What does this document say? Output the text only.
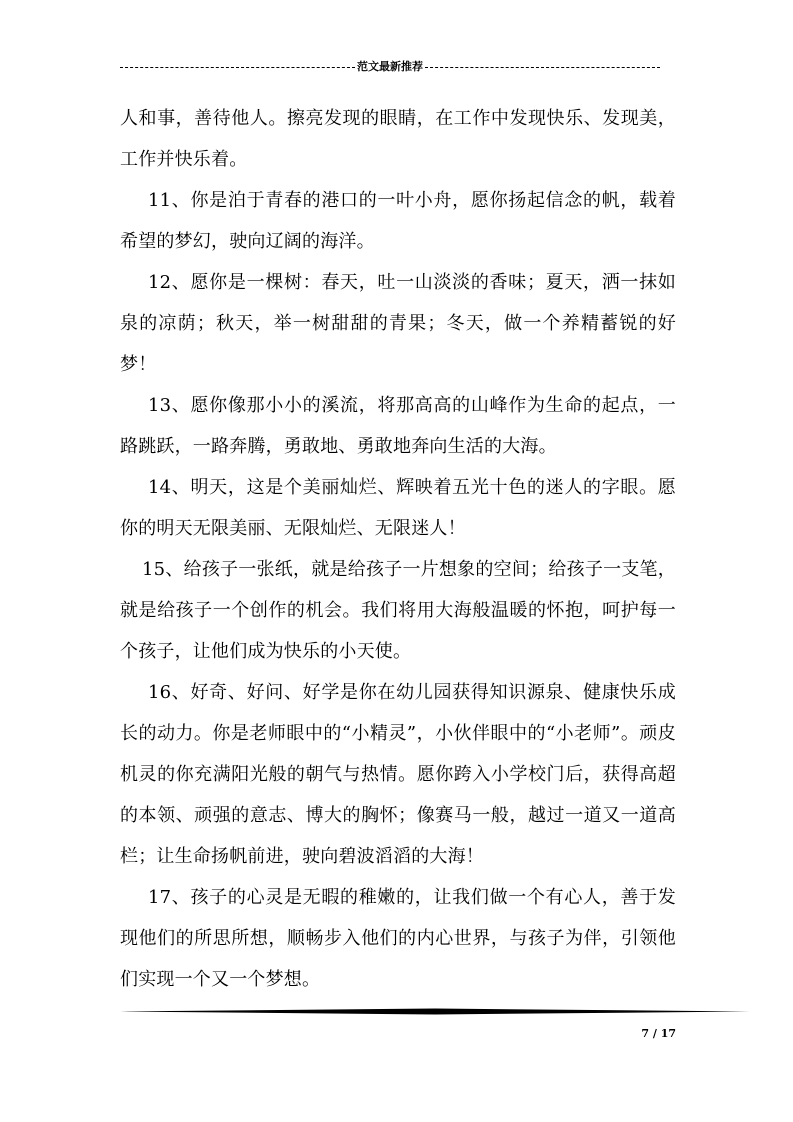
范文最新推荐

人和事，善待他人。擦亮发现的眼睛，在工作中发现快乐、发现美，工作并快乐着。

11、你是泊于青春的港口的一叶小舟，愿你扬起信念的帆，载着希望的梦幻，驶向辽阔的海洋。

12、愿你是一棵树：春天，吐一山淡淡的香味；夏天，洒一抹如泉的凉荫；秋天，举一树甜甜的青果；冬天，做一个养精蓄锐的好梦！

13、愿你像那小小的溪流，将那高高的山峰作为生命的起点，一路跳跃，一路奔腾，勇敢地、勇敢地奔向生活的大海。

14、明天，这是个美丽灿烂、辉映着五光十色的迷人的字眼。愿你的明天无限美丽、无限灿烂、无限迷人！

15、给孩子一张纸，就是给孩子一片想象的空间；给孩子一支笔，就是给孩子一个创作的机会。我们将用大海般温暖的怀抱，呵护每一个孩子，让他们成为快乐的小天使。

16、好奇、好问、好学是你在幼儿园获得知识源泉、健康快乐成长的动力。你是老师眼中的“小精灵”，小伙伴眼中的“小老师”。顽皮机灵的你充满阳光般的朝气与热情。愿你跨入小学校门后，获得高超的本领、顽强的意志、博大的胸怀；像赛马一般，越过一道又一道高栏；让生命扬帆前进，驶向碧波滔滔的大海！

17、孩子的心灵是无暇的稚嫩的，让我们做一个有心人，善于发现他们的所思所想，顺畅步入他们的内心世界，与孩子为伴，引领他们实现一个又一个梦想。

7 / 17
